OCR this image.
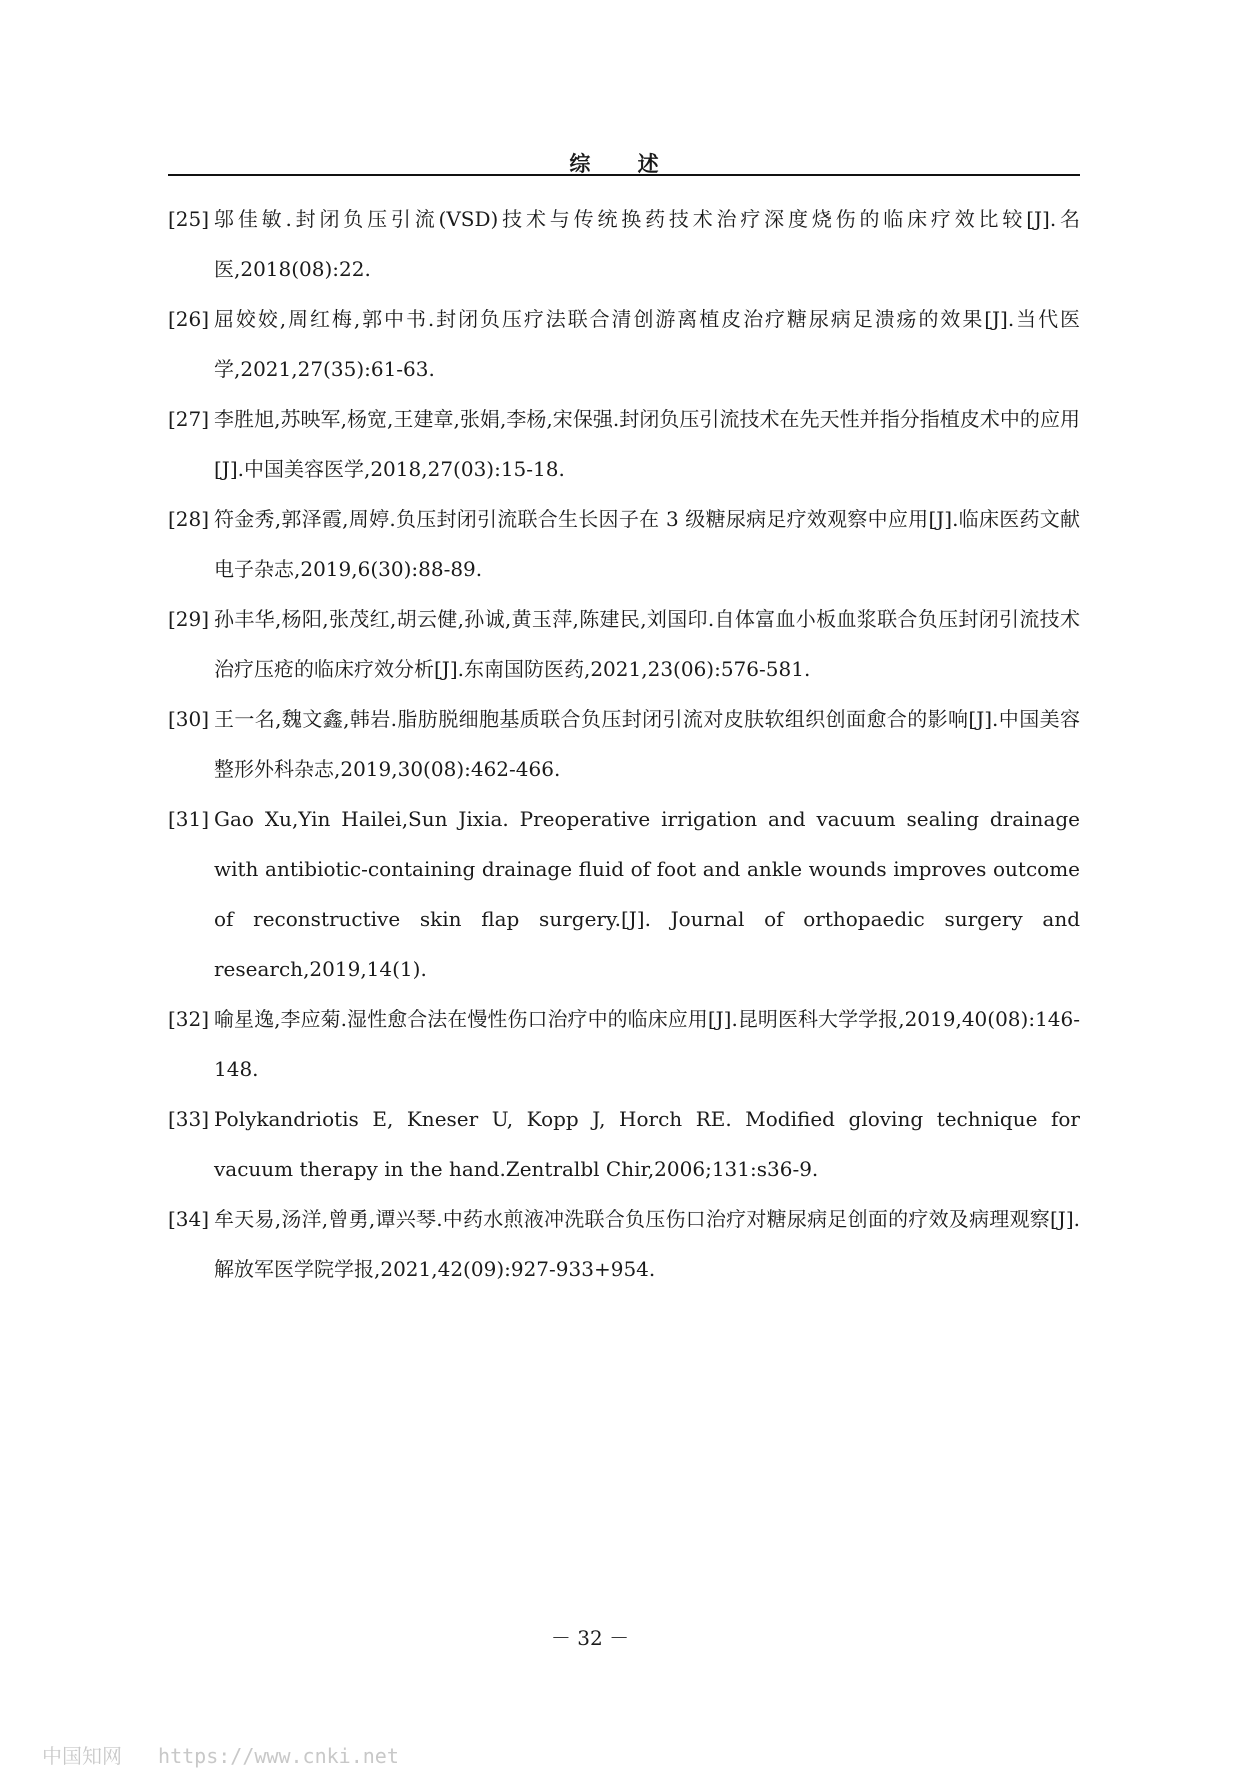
综 述
[25] 邬佳敏.封闭负压引流(VSD)技术与传统换药技术治疗深度烧伤的临床疗效比较[J].名医,2018(08):22.
[26] 屈姣姣,周红梅,郭中书.封闭负压疗法联合清创游离植皮治疗糖尿病足溃疡的效果[J].当代医学,2021,27(35):61-63.
[27] 李胜旭,苏映军,杨宽,王建章,张娟,李杨,宋保强.封闭负压引流技术在先天性并指分指植皮术中的应用[J].中国美容医学,2018,27(03):15-18.
[28] 符金秀,郭泽霞,周婷.负压封闭引流联合生长因子在 3 级糖尿病足疗效观察中应用[J].临床医药文献电子杂志,2019,6(30):88-89.
[29] 孙丰华,杨阳,张茂红,胡云健,孙诚,黄玉萍,陈建民,刘国印.自体富血小板血浆联合负压封闭引流技术治疗压疮的临床疗效分析[J].东南国防医药,2021,23(06):576-581.
[30] 王一名,魏文鑫,韩岩.脂肪脱细胞基质联合负压封闭引流对皮肤软组织创面愈合的影响[J].中国美容整形外科杂志,2019,30(08):462-466.
[31] Gao Xu,Yin Hailei,Sun Jixia. Preoperative irrigation and vacuum sealing drainage with antibiotic-containing drainage fluid of foot and ankle wounds improves outcome of reconstructive skin flap surgery.[J]. Journal of orthopaedic surgery and research,2019,14(1).
[32] 喻星逸,李应菊.湿性愈合法在慢性伤口治疗中的临床应用[J].昆明医科大学学报,2019,40(08):146-148.
[33] Polykandriotis E, Kneser U, Kopp J, Horch RE. Modified gloving technique for vacuum therapy in the hand.Zentralbl Chir,2006;131:s36-9.
[34] 牟天易,汤洋,曾勇,谭兴琴.中药水煎液冲洗联合负压伤口治疗对糖尿病足创面的疗效及病理观察[J].解放军医学院学报,2021,42(09):927-933+954.
－ 32 －
中国知网 https://www.cnki.net
